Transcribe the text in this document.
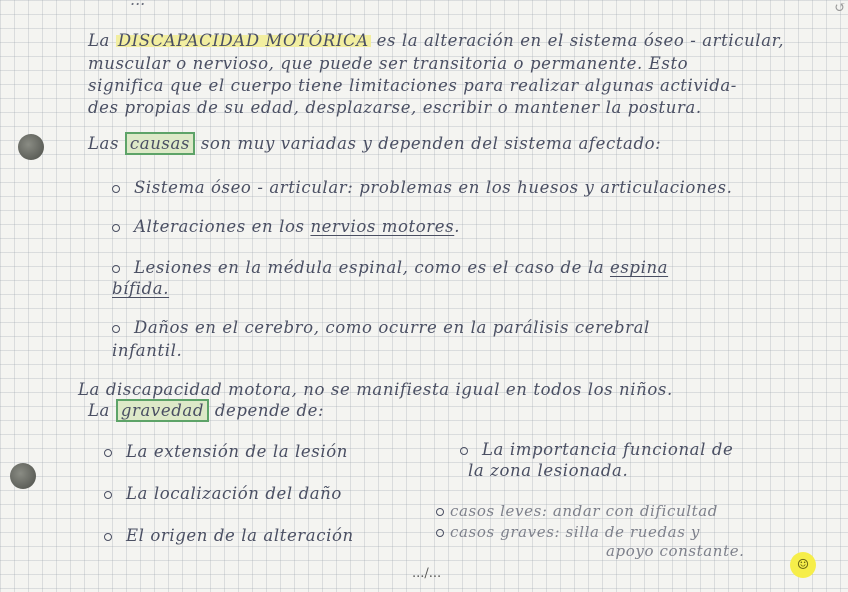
↺
La DISCAPACIDAD MOTÓRICA es la alteración en el sistema óseo - articular,
muscular o nervioso, que puede ser transitoria o permanente. Esto
significa que el cuerpo tiene limitaciones para realizar algunas activida-
des propias de su edad, desplazarse, escribir o mantener la postura.
Las causas son muy variadas y dependen del sistema afectado:
Sistema óseo - articular: problemas en los huesos y articulaciones.
Alteraciones en los nervios motores.
Lesiones en la médula espinal, como es el caso de la espina
bífida.
Daños en el cerebro, como ocurre en la parálisis cerebral
infantil.
La discapacidad motora, no se manifiesta igual en todos los niños.
La gravedad depende de:
La extensión de la lesión
La localización del daño
El origen de la alteración
La importancia funcional de
la zona lesionada.
casos leves: andar con dificultad
casos graves: silla de ruedas y
apoyo constante.
.../...
☺
